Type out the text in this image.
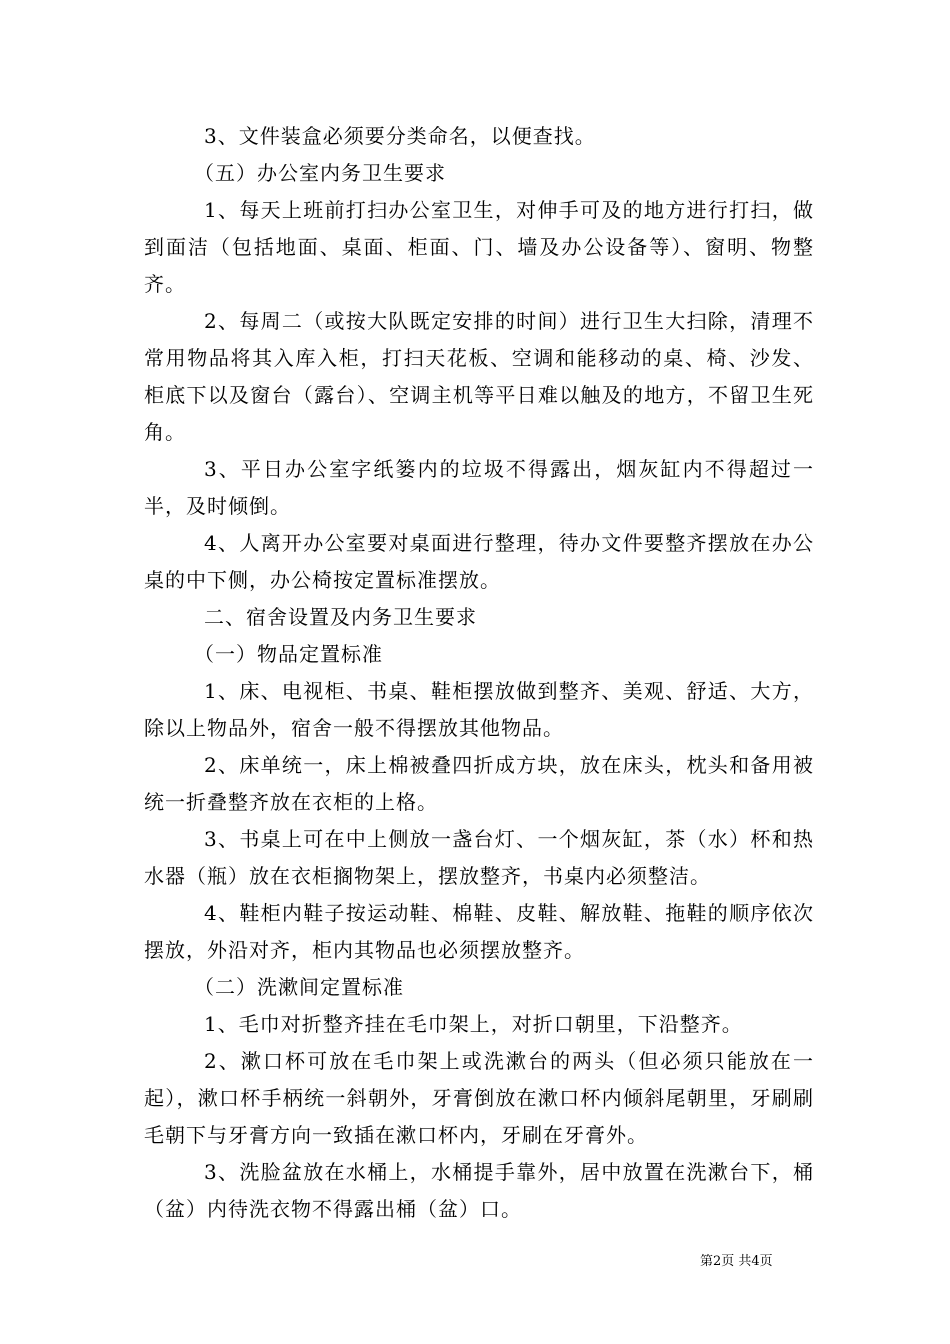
3、文件装盒必须要分类命名，以便查找。

（五）办公室内务卫生要求

1、每天上班前打扫办公室卫生，对伸手可及的地方进行打扫，做到面洁（包括地面、桌面、柜面、门、墙及办公设备等）、窗明、物整齐。

2、每周二（或按大队既定安排的时间）进行卫生大扫除，清理不常用物品将其入库入柜，打扫天花板、空调和能移动的桌、椅、沙发、柜底下以及窗台（露台）、空调主机等平日难以触及的地方，不留卫生死角。

3、平日办公室字纸篓内的垃圾不得露出，烟灰缸内不得超过一半，及时倾倒。

4、人离开办公室要对桌面进行整理，待办文件要整齐摆放在办公桌的中下侧，办公椅按定置标准摆放。

二、宿舍设置及内务卫生要求

（一）物品定置标准

1、床、电视柜、书桌、鞋柜摆放做到整齐、美观、舒适、大方，除以上物品外，宿舍一般不得摆放其他物品。

2、床单统一，床上棉被叠四折成方块，放在床头，枕头和备用被统一折叠整齐放在衣柜的上格。

3、书桌上可在中上侧放一盏台灯、一个烟灰缸，茶（水）杯和热水器（瓶）放在衣柜搁物架上，摆放整齐，书桌内必须整洁。

4、鞋柜内鞋子按运动鞋、棉鞋、皮鞋、解放鞋、拖鞋的顺序依次摆放，外沿对齐，柜内其物品也必须摆放整齐。

（二）洗漱间定置标准

1、毛巾对折整齐挂在毛巾架上，对折口朝里，下沿整齐。

2、漱口杯可放在毛巾架上或洗漱台的两头（但必须只能放在一起），漱口杯手柄统一斜朝外，牙膏倒放在漱口杯内倾斜尾朝里，牙刷刷毛朝下与牙膏方向一致插在漱口杯内，牙刷在牙膏外。

3、洗脸盆放在水桶上，水桶提手靠外，居中放置在洗漱台下，桶（盆）内待洗衣物不得露出桶（盆）口。

第2页 共4页
